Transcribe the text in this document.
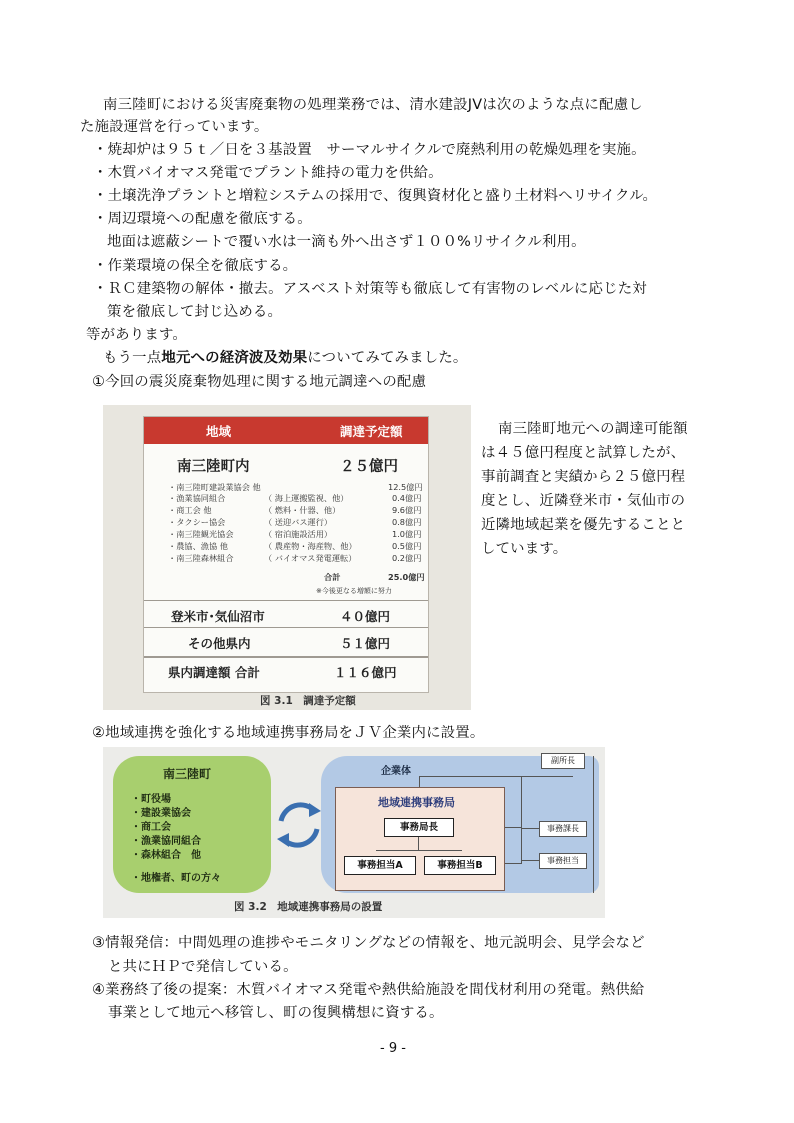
南三陸町における災害廃棄物の処理業務では、清水建設JVは次のような点に配慮し
た施設運営を行っています。
・焼却炉は９５ｔ／日を３基設置　サーマルサイクルで廃熱利用の乾燥処理を実施。
・木質バイオマス発電でプラント維持の電力を供給。
・土壌洗浄プラントと増粒システムの採用で、復興資材化と盛り土材料へリサイクル。
・周辺環境への配慮を徹底する。
地面は遮蔽シートで覆い水は一滴も外へ出さず１００%リサイクル利用。
・作業環境の保全を徹底する。
・ＲＣ建築物の解体・撤去。アスベスト対策等も徹底して有害物のレベルに応じた対
策を徹底して封じ込める。
等があります。
もう一点地元への経済波及効果についてみてみました。
①今回の震災廃棄物処理に関する地元調達への配慮
地域	調達予定額
南三陸町内	２５億円
・南三陸町建設業協会 他	12.5億円
・漁業協同組合	（ 海上運搬監視、他）	0.4億円
・商工会 他	（ 燃料・什器、他）	9.6億円
・タクシー協会	（ 送迎バス運行）	0.8億円
・南三陸観光協会	（ 宿泊施設活用）	1.0億円
・農協、漁協 他	（ 農産物・海産物、他）	0.5億円
・南三陸森林組合	（ バイオマス発電運転）	0.2億円
合計	25.0億円
※今後更なる増額に努力
登米市･気仙沼市	４０億円
その他県内	５１億円
県内調達額 合計	１１６億円
図 3.1　調達予定額
南三陸町地元への調達可能額
は４５億円程度と試算したが、
事前調査と実績から２５億円程
度とし、近隣登米市・気仙市の
近隣地域起業を優先することと
しています。
②地域連携を強化する地域連携事務局をＪＶ企業内に設置。
南三陸町
・町役場
・建設業協会
・商工会
・漁業協同組合
・森林組合　他
・地権者、町の方々
企業体
副所長
事務課長
事務担当
地域連携事務局
事務局長
事務担当A	事務担当B
図 3.2　地域連携事務局の設置
③情報発信：中間処理の進捗やモニタリングなどの情報を、地元説明会、見学会など
と共にＨＰで発信している。
④業務終了後の提案：木質バイオマス発電や熱供給施設を間伐材利用の発電。熱供給
事業として地元へ移管し、町の復興構想に資する。
- 9 -
